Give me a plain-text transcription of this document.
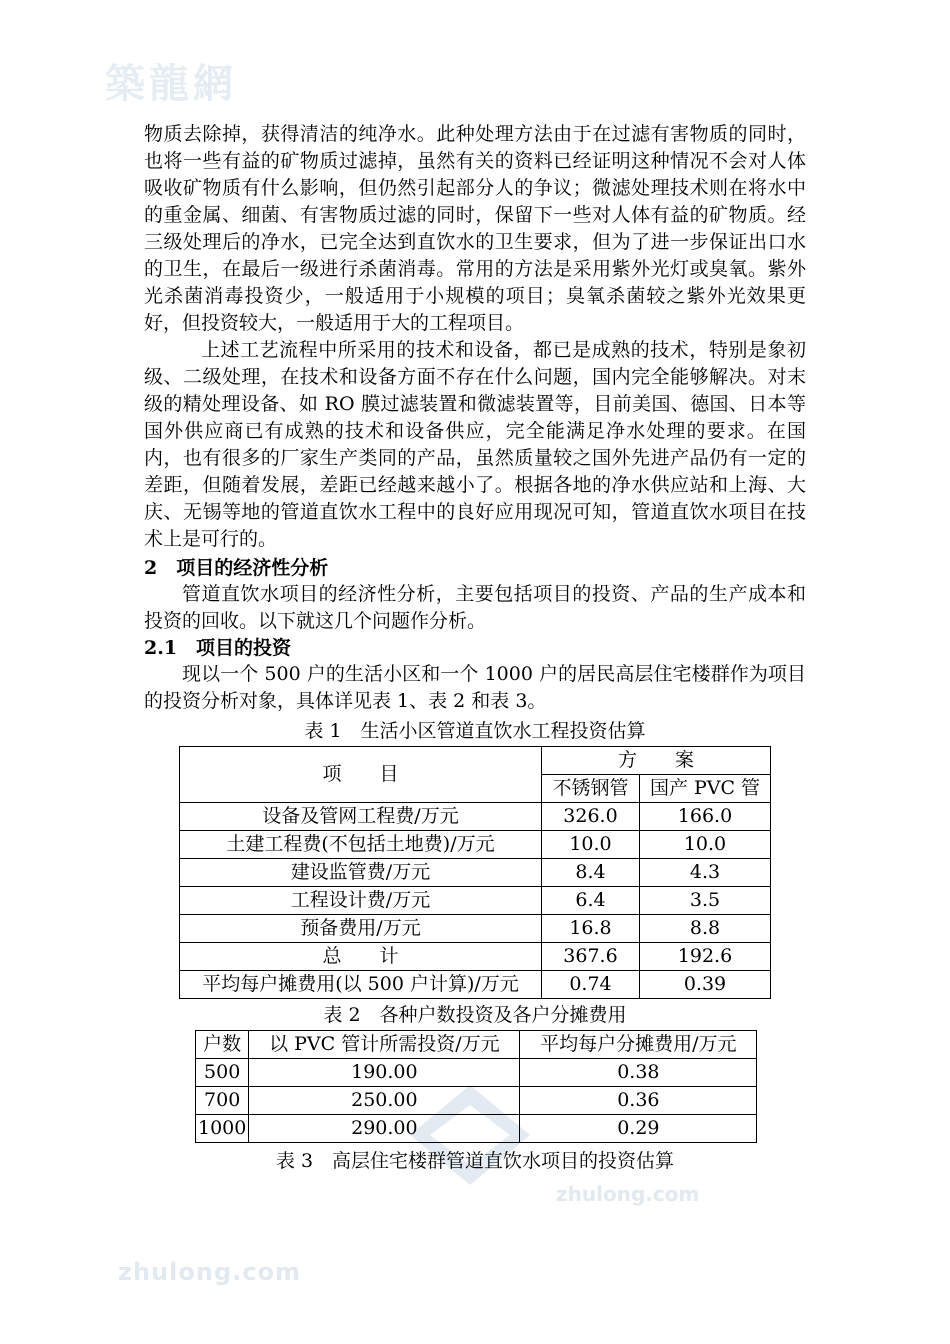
築龍網
zhulong.com
zhulong.com

物质去除掉，获得清洁的纯净水。此种处理方法由于在过滤有害物质的同时，也将一些有益的矿物质过滤掉，虽然有关的资料已经证明这种情况不会对人体吸收矿物质有什么影响，但仍然引起部分人的争议；微滤处理技术则在将水中的重金属、细菌、有害物质过滤的同时，保留下一些对人体有益的矿物质。经三级处理后的净水，已完全达到直饮水的卫生要求，但为了进一步保证出口水的卫生，在最后一级进行杀菌消毒。常用的方法是采用紫外光灯或臭氧。紫外光杀菌消毒投资少，一般适用于小规模的项目；臭氧杀菌较之紫外光效果更好，但投资较大，一般适用于大的工程项目。

上述工艺流程中所采用的技术和设备，都已是成熟的技术，特别是象初级、二级处理，在技术和设备方面不存在什么问题，国内完全能够解决。对末级的精处理设备、如 RO 膜过滤装置和微滤装置等，目前美国、德国、日本等国外供应商已有成熟的技术和设备供应，完全能满足净水处理的要求。在国内，也有很多的厂家生产类同的产品，虽然质量较之国外先进产品仍有一定的差距，但随着发展，差距已经越来越小了。根据各地的净水供应站和上海、大庆、无锡等地的管道直饮水工程中的良好应用现况可知，管道直饮水项目在技术上是可行的。

2　项目的经济性分析

管道直饮水项目的经济性分析，主要包括项目的投资、产品的生产成本和投资的回收。以下就这几个问题作分析。

2.1　项目的投资

现以一个 500 户的生活小区和一个 1000 户的居民高层住宅楼群作为项目的投资分析对象，具体详见表 1、表 2 和表 3。

表 1　生活小区管道直饮水工程投资估算
项　　目	方　　案	
	不锈钢管	国产 PVC 管
设备及管网工程费/万元	326.0	166.0
土建工程费(不包括土地费)/万元	10.0	10.0
建设监管费/万元	8.4	4.3
工程设计费/万元	6.4	3.5
预备费用/万元	16.8	8.8
总　　计	367.6	192.6
平均每户摊费用(以 500 户计算)/万元	0.74	0.39
表 2　各种户数投资及各户分摊费用
户数	以 PVC 管计所需投资/万元	平均每户分摊费用/万元
500	190.00	0.38
700	250.00	0.36
1000	290.00	0.29
表 3　高层住宅楼群管道直饮水项目的投资估算
